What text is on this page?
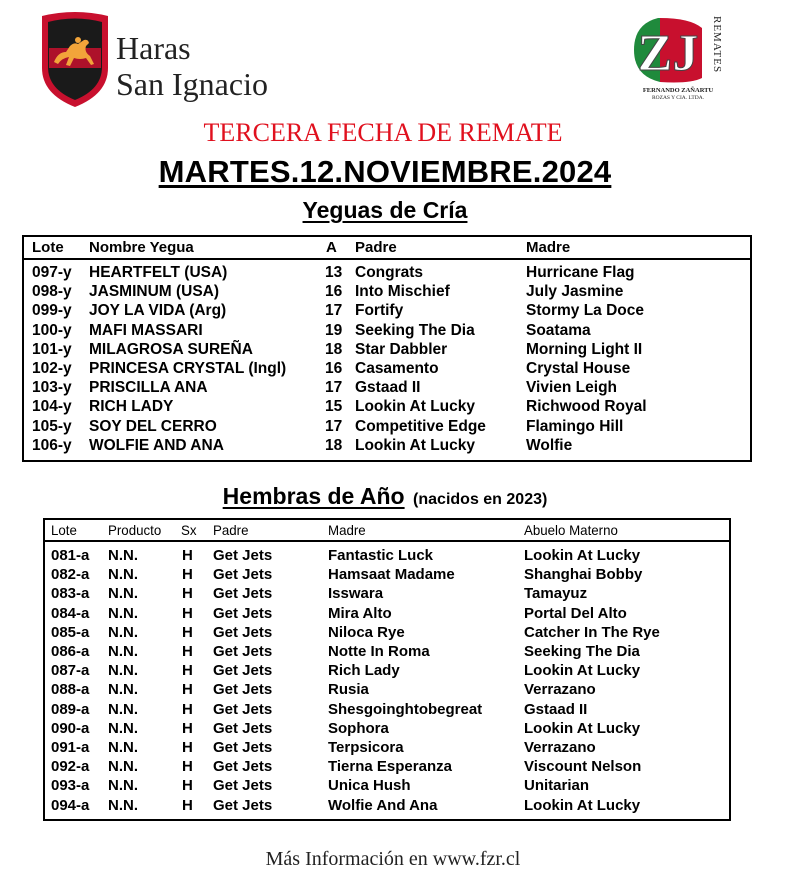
Haras
San Ignacio
ZJ REMATES
FERNANDO ZAÑARTU
ROZAS Y CIA. LTDA.
TERCERA FECHA DE REMATE
MARTES.12.NOVIEMBRE.2024
Yeguas de Cría
Lote Nombre Yegua	A Padre	Madre
097-y HEARTFELT (USA)	13 Congrats	Hurricane Flag
098-y JASMINUM (USA)	16 Into Mischief	July Jasmine
099-y JOY LA VIDA (Arg)	17 Fortify	Stormy La Doce
100-y MAFI MASSARI	19 Seeking The Dia	Soatama
101-y MILAGROSA SUREÑA	18 Star Dabbler	Morning Light II
102-y PRINCESA CRYSTAL (Ingl)	16 Casamento	Crystal House
103-y PRISCILLA ANA	17 Gstaad II	Vivien Leigh
104-y RICH LADY	15 Lookin At Lucky	Richwood Royal
105-y SOY DEL CERRO	17 Competitive Edge	Flamingo Hill
106-y WOLFIE AND ANA	18 Lookin At Lucky	Wolfie
Hembras de Año (nacidos en 2023)
Lote Producto Sx Padre	Madre	Abuelo Materno
081-a N.N.	H Get Jets	Fantastic Luck	Lookin At Lucky
082-a N.N.	H Get Jets	Hamsaat Madame	Shanghai Bobby
083-a N.N.	H Get Jets	Isswara	Tamayuz
084-a N.N.	H Get Jets	Mira Alto	Portal Del Alto
085-a N.N.	H Get Jets	Niloca Rye	Catcher In The Rye
086-a N.N.	H Get Jets	Notte In Roma	Seeking The Dia
087-a N.N.	H Get Jets	Rich Lady	Lookin At Lucky
088-a N.N.	H Get Jets	Rusia	Verrazano
089-a N.N.	H Get Jets	Shesgoinghtobegreat	Gstaad II
090-a N.N.	H Get Jets	Sophora	Lookin At Lucky
091-a N.N.	H Get Jets	Terpsicora	Verrazano
092-a N.N.	H Get Jets	Tierna Esperanza	Viscount Nelson
093-a N.N.	H Get Jets	Unica Hush	Unitarian
094-a N.N.	H Get Jets	Wolfie And Ana	Lookin At Lucky
Más Información en www.fzr.cl
